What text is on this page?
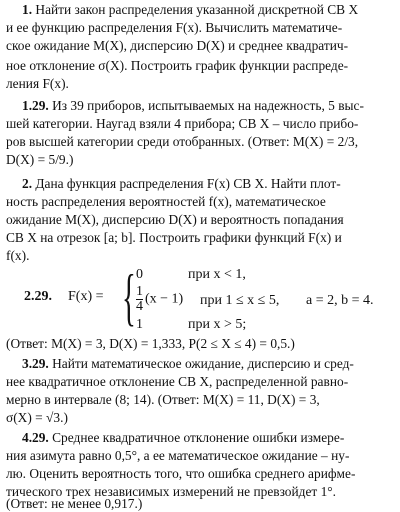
1. Найти закон распределения указанной дискретной СВ X
и ее функцию распределения F(x). Вычислить математиче-
ское ожидание M(X), дисперсию D(X) и среднее квадратич-
ное отклонение σ(X). Построить график функции распреде-
ления F(x).
1.29. Из 39 приборов, испытываемых на надежность, 5 выс-
шей категории. Наугад взяли 4 прибора; СВ X – число прибо-
ров высшей категории среди отобранных. (Ответ: M(X) = 2/3,
D(X) = 5/9.)
2. Дана функция распределения F(x) СВ X. Найти плот-
ность распределения вероятностей f(x), математическое
ожидание M(X), дисперсию D(X) и вероятность попадания
СВ X на отрезок [a; b]. Построить графики функций F(x) и
f(x).
2.29. F(x) = { 0	при x < 1,
$\frac{1}{4} (x - 1)$ при 1 ≤ x ≤ 5, a = 2, b = 4.
1	при x > 5;
(Ответ: M(X) = 3, D(X) = 1,333, P(2 ≤ X ≤ 4) = 0,5.)
3.29. Найти математическое ожидание, дисперсию и сред-
нее квадратичное отклонение СВ X, распределенной равно-
мерно в интервале (8; 14). (Ответ: M(X) = 11, D(X) = 3,
σ(X) = √3.)
4.29. Среднее квадратичное отклонение ошибки измере-
ния азимута равно 0,5°, а ее математическое ожидание – ну-
лю. Оценить вероятность того, что ошибка среднего арифме-
тического трех независимых измерений не превзойдет 1°.
(Ответ: не менее 0,917.)
